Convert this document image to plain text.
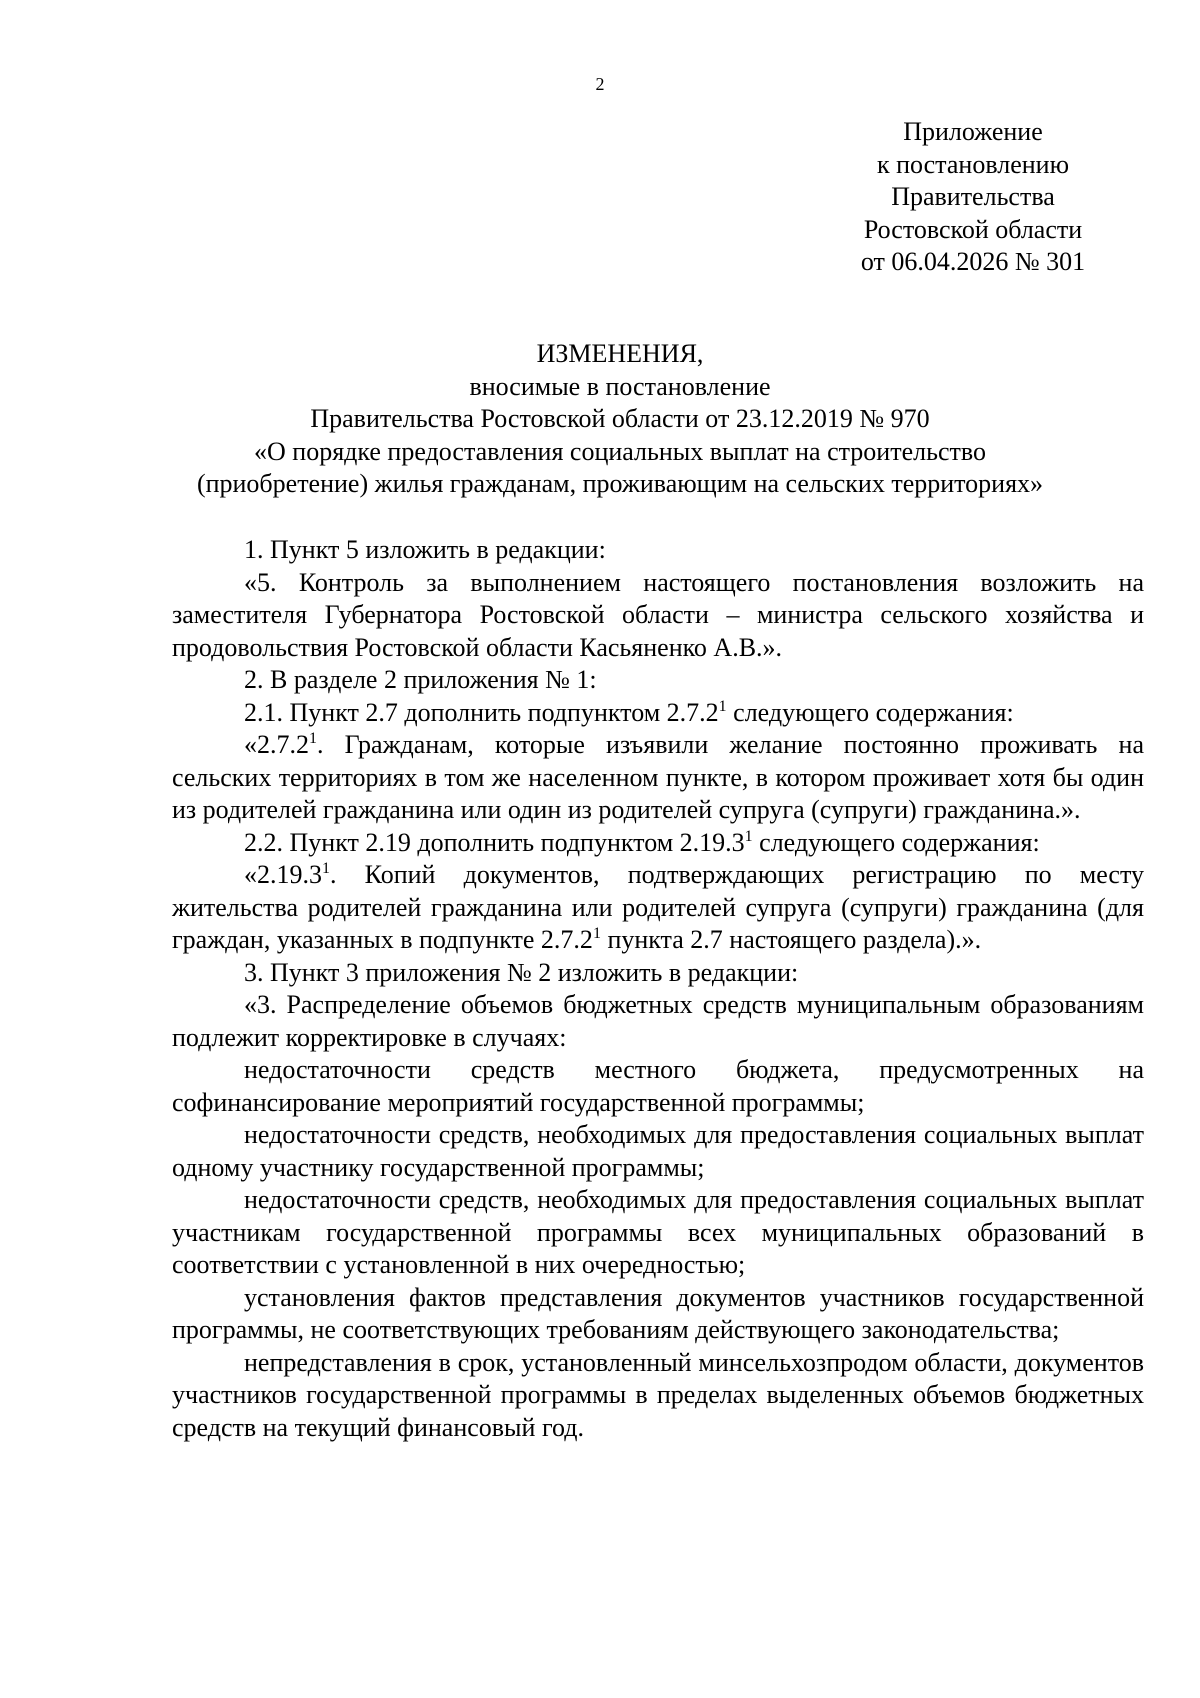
2
Приложение
к постановлению
Правительства
Ростовской области
от 06.04.2026 № 301
ИЗМЕНЕНИЯ,
вносимые в постановление
Правительства Ростовской области от 23.12.2019 № 970
«О порядке предоставления социальных выплат на строительство
(приобретение) жилья гражданам, проживающим на сельских территориях»

1. Пункт 5 изложить в редакции:

«5. Контроль за выполнением настоящего постановления возложить на заместителя Губернатора Ростовской области – министра сельского хозяйства и продовольствия Ростовской области Касьяненко А.В.».

2. В разделе 2 приложения № 1:

2.1. Пункт 2.7 дополнить подпунктом 2.7.2$^1$ следующего содержания:

«2.7.2$^1$. Гражданам, которые изъявили желание постоянно проживать на сельских территориях в том же населенном пункте, в котором проживает хотя бы один из родителей гражданина или один из родителей супруга (супруги) гражданина.».

2.2. Пункт 2.19 дополнить подпунктом 2.19.3$^1$ следующего содержания:

«2.19.3$^1$. Копий документов, подтверждающих регистрацию по месту жительства родителей гражданина или родителей супруга (супруги) гражданина (для граждан, указанных в подпункте 2.7.2$^1$ пункта 2.7 настоящего раздела).».

3. Пункт 3 приложения № 2 изложить в редакции:

«3. Распределение объемов бюджетных средств муниципальным образованиям подлежит корректировке в случаях:

недостаточности средств местного бюджета, предусмотренных на софинансирование мероприятий государственной программы;

недостаточности средств, необходимых для предоставления социальных выплат одному участнику государственной программы;

недостаточности средств, необходимых для предоставления социальных выплат участникам государственной программы всех муниципальных образований в соответствии с установленной в них очередностью;

установления фактов представления документов участников государственной программы, не соответствующих требованиям действующего законодательства;

непредставления в срок, установленный минсельхозпродом области, документов участников государственной программы в пределах выделенных объемов бюджетных средств на текущий финансовый год.
